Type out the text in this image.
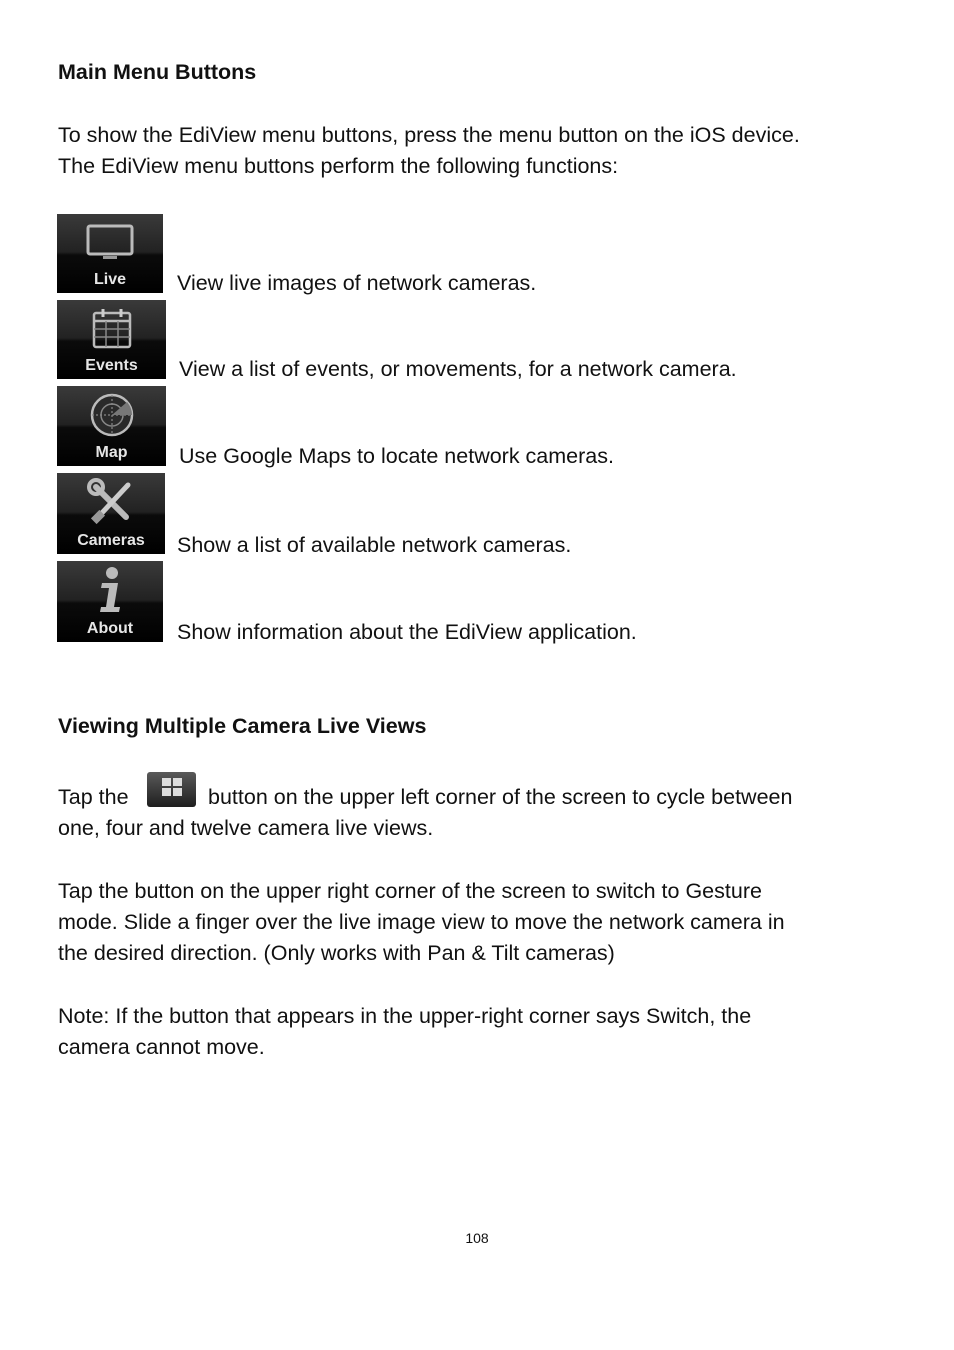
Main Menu Buttons

To show the EdiView menu buttons, press the menu button on the iOS device.

The EdiView menu buttons perform the following functions:

Live	View live images of network cameras.

Events	View a list of events, or movements, for a network camera.

Map	Use Google Maps to locate network cameras.

Cameras	Show a list of available network cameras.

About	Show information about the EdiView application.

Viewing Multiple Camera Live Views

Tap the	button on the upper left corner of the screen to cycle between

one, four and twelve camera live views.

Tap the button on the upper right corner of the screen to switch to Gesture

mode. Slide a finger over the live image view to move the network camera in

the desired direction. (Only works with Pan & Tilt cameras)

Note: If the button that appears in the upper-right corner says Switch, the

camera cannot move.

108
